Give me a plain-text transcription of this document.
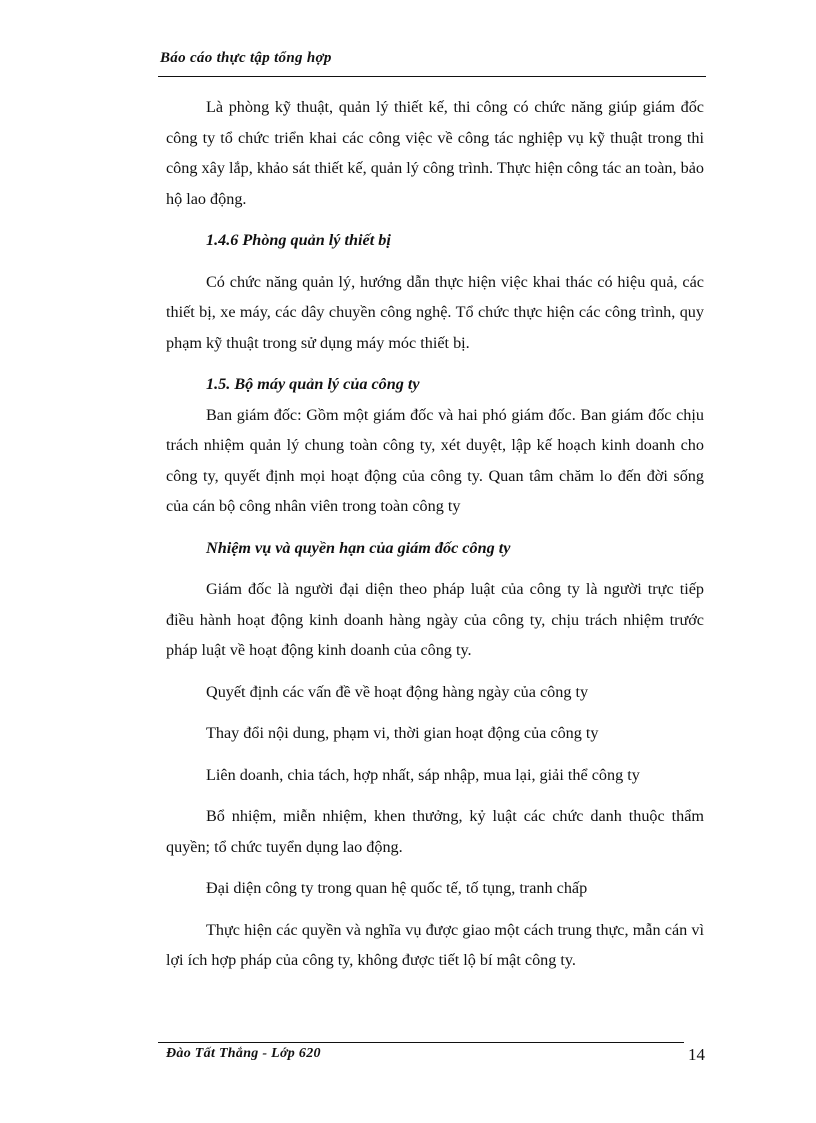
Báo cáo thực tập tổng hợp

Là phòng kỹ thuật, quản lý thiết kế, thi công có chức năng giúp giám đốc công ty tổ chức triển khai các công việc về công tác nghiệp vụ kỹ thuật trong thi công xây lắp, khảo sát thiết kế, quản lý công trình. Thực hiện công tác an toàn, bảo hộ lao động.

1.4.6 Phòng quản lý thiết bị

Có chức năng quản lý, hướng dẫn thực hiện việc khai thác có hiệu quả, các thiết bị, xe máy, các dây chuyền công nghệ. Tổ chức thực hiện các công trình, quy phạm kỹ thuật trong sử dụng máy móc thiết bị.

1.5. Bộ máy quản lý của công ty

Ban giám đốc: Gồm một giám đốc và hai phó giám đốc. Ban giám đốc chịu trách nhiệm quản lý chung toàn công ty, xét duyệt, lập kế hoạch kinh doanh cho công ty, quyết định mọi hoạt động của công ty. Quan tâm chăm lo đến đời sống của cán bộ công nhân viên trong toàn công ty

Nhiệm vụ và quyền hạn của giám đốc công ty

Giám đốc là người đại diện theo pháp luật của công ty là người trực tiếp điều hành hoạt động kinh doanh hàng ngày của công ty, chịu trách nhiệm trước pháp luật về hoạt động kinh doanh của công ty.

Quyết định các vấn đề về hoạt động hàng ngày của công ty

Thay đổi nội dung, phạm vi, thời gian hoạt động của công ty

Liên doanh, chia tách, hợp nhất, sáp nhập, mua lại, giải thể công ty

Bổ nhiệm, miễn nhiệm, khen thưởng, kỷ luật các chức danh thuộc thẩm quyền; tổ chức tuyển dụng lao động.

Đại diện công ty trong quan hệ quốc tế, tố tụng, tranh chấp

Thực hiện các quyền và nghĩa vụ được giao một cách trung thực, mẫn cán vì lợi ích hợp pháp của công ty, không được tiết lộ bí mật công ty.

Đào Tất Thắng - Lớp 620	14
